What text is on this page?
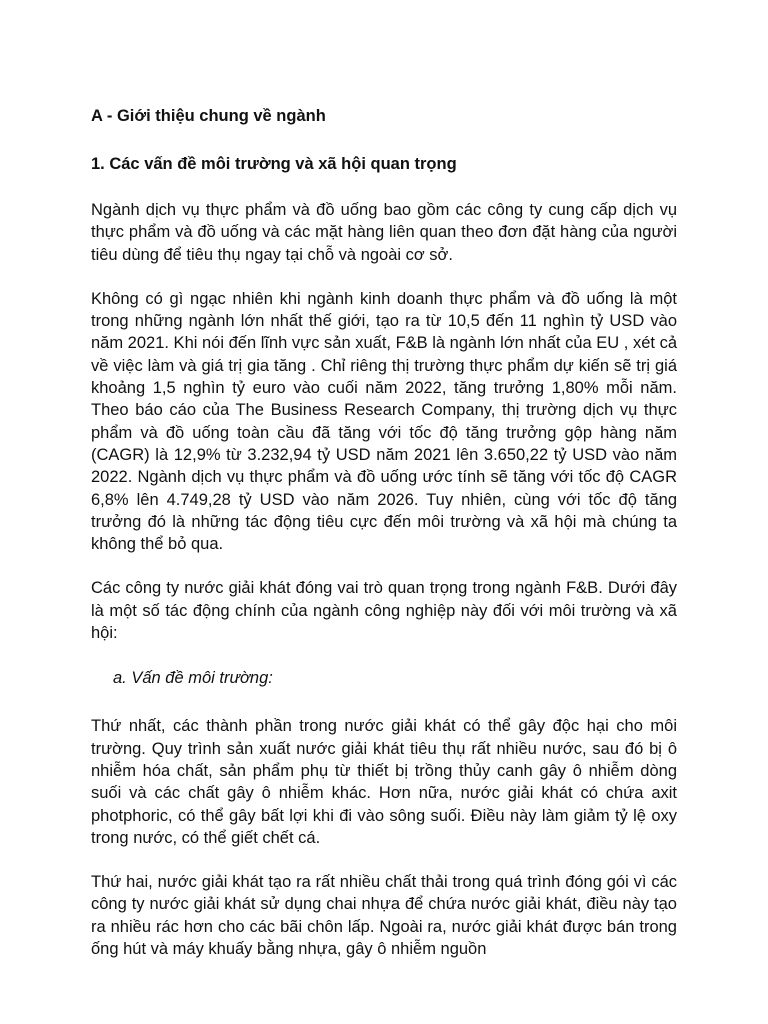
A - Giới thiệu chung về ngành

1. Các vấn đề môi trường và xã hội quan trọng

Ngành dịch vụ thực phẩm và đồ uống bao gồm các công ty cung cấp dịch vụ thực phẩm và đồ uống và các mặt hàng liên quan theo đơn đặt hàng của người tiêu dùng để tiêu thụ ngay tại chỗ và ngoài cơ sở.

Không có gì ngạc nhiên khi ngành kinh doanh thực phẩm và đồ uống là một trong những ngành lớn nhất thế giới, tạo ra từ 10,5 đến 11 nghìn tỷ USD vào năm 2021. Khi nói đến lĩnh vực sản xuất, F&B là ngành lớn nhất của EU , xét cả về việc làm và giá trị gia tăng . Chỉ riêng thị trường thực phẩm dự kiến sẽ trị giá khoảng 1,5 nghìn tỷ euro vào cuối năm 2022, tăng trưởng 1,80% mỗi năm. Theo báo cáo của The Business Research Company, thị trường dịch vụ thực phẩm và đồ uống toàn cầu đã tăng với tốc độ tăng trưởng gộp hàng năm (CAGR) là 12,9% từ 3.232,94 tỷ USD năm 2021 lên 3.650,22 tỷ USD vào năm 2022. Ngành dịch vụ thực phẩm và đồ uống ước tính sẽ tăng với tốc độ CAGR 6,8% lên 4.749,28 tỷ USD vào năm 2026. Tuy nhiên, cùng với tốc độ tăng trưởng đó là những tác động tiêu cực đến môi trường và xã hội mà chúng ta không thể bỏ qua.

Các công ty nước giải khát đóng vai trò quan trọng trong ngành F&B. Dưới đây là một số tác động chính của ngành công nghiệp này đối với môi trường và xã hội:

a. Vấn đề môi trường:

Thứ nhất, các thành phần trong nước giải khát có thể gây độc hại cho môi trường. Quy trình sản xuất nước giải khát tiêu thụ rất nhiều nước, sau đó bị ô nhiễm hóa chất, sản phẩm phụ từ thiết bị trồng thủy canh gây ô nhiễm dòng suối và các chất gây ô nhiễm khác. Hơn nữa, nước giải khát có chứa axit photphoric, có thể gây bất lợi khi đi vào sông suối. Điều này làm giảm tỷ lệ oxy trong nước, có thể giết chết cá.

Thứ hai, nước giải khát tạo ra rất nhiều chất thải trong quá trình đóng gói vì các công ty nước giải khát sử dụng chai nhựa để chứa nước giải khát, điều này tạo ra nhiều rác hơn cho các bãi chôn lấp. Ngoài ra, nước giải khát được bán trong ống hút và máy khuấy bằng nhựa, gây ô nhiễm nguồn
